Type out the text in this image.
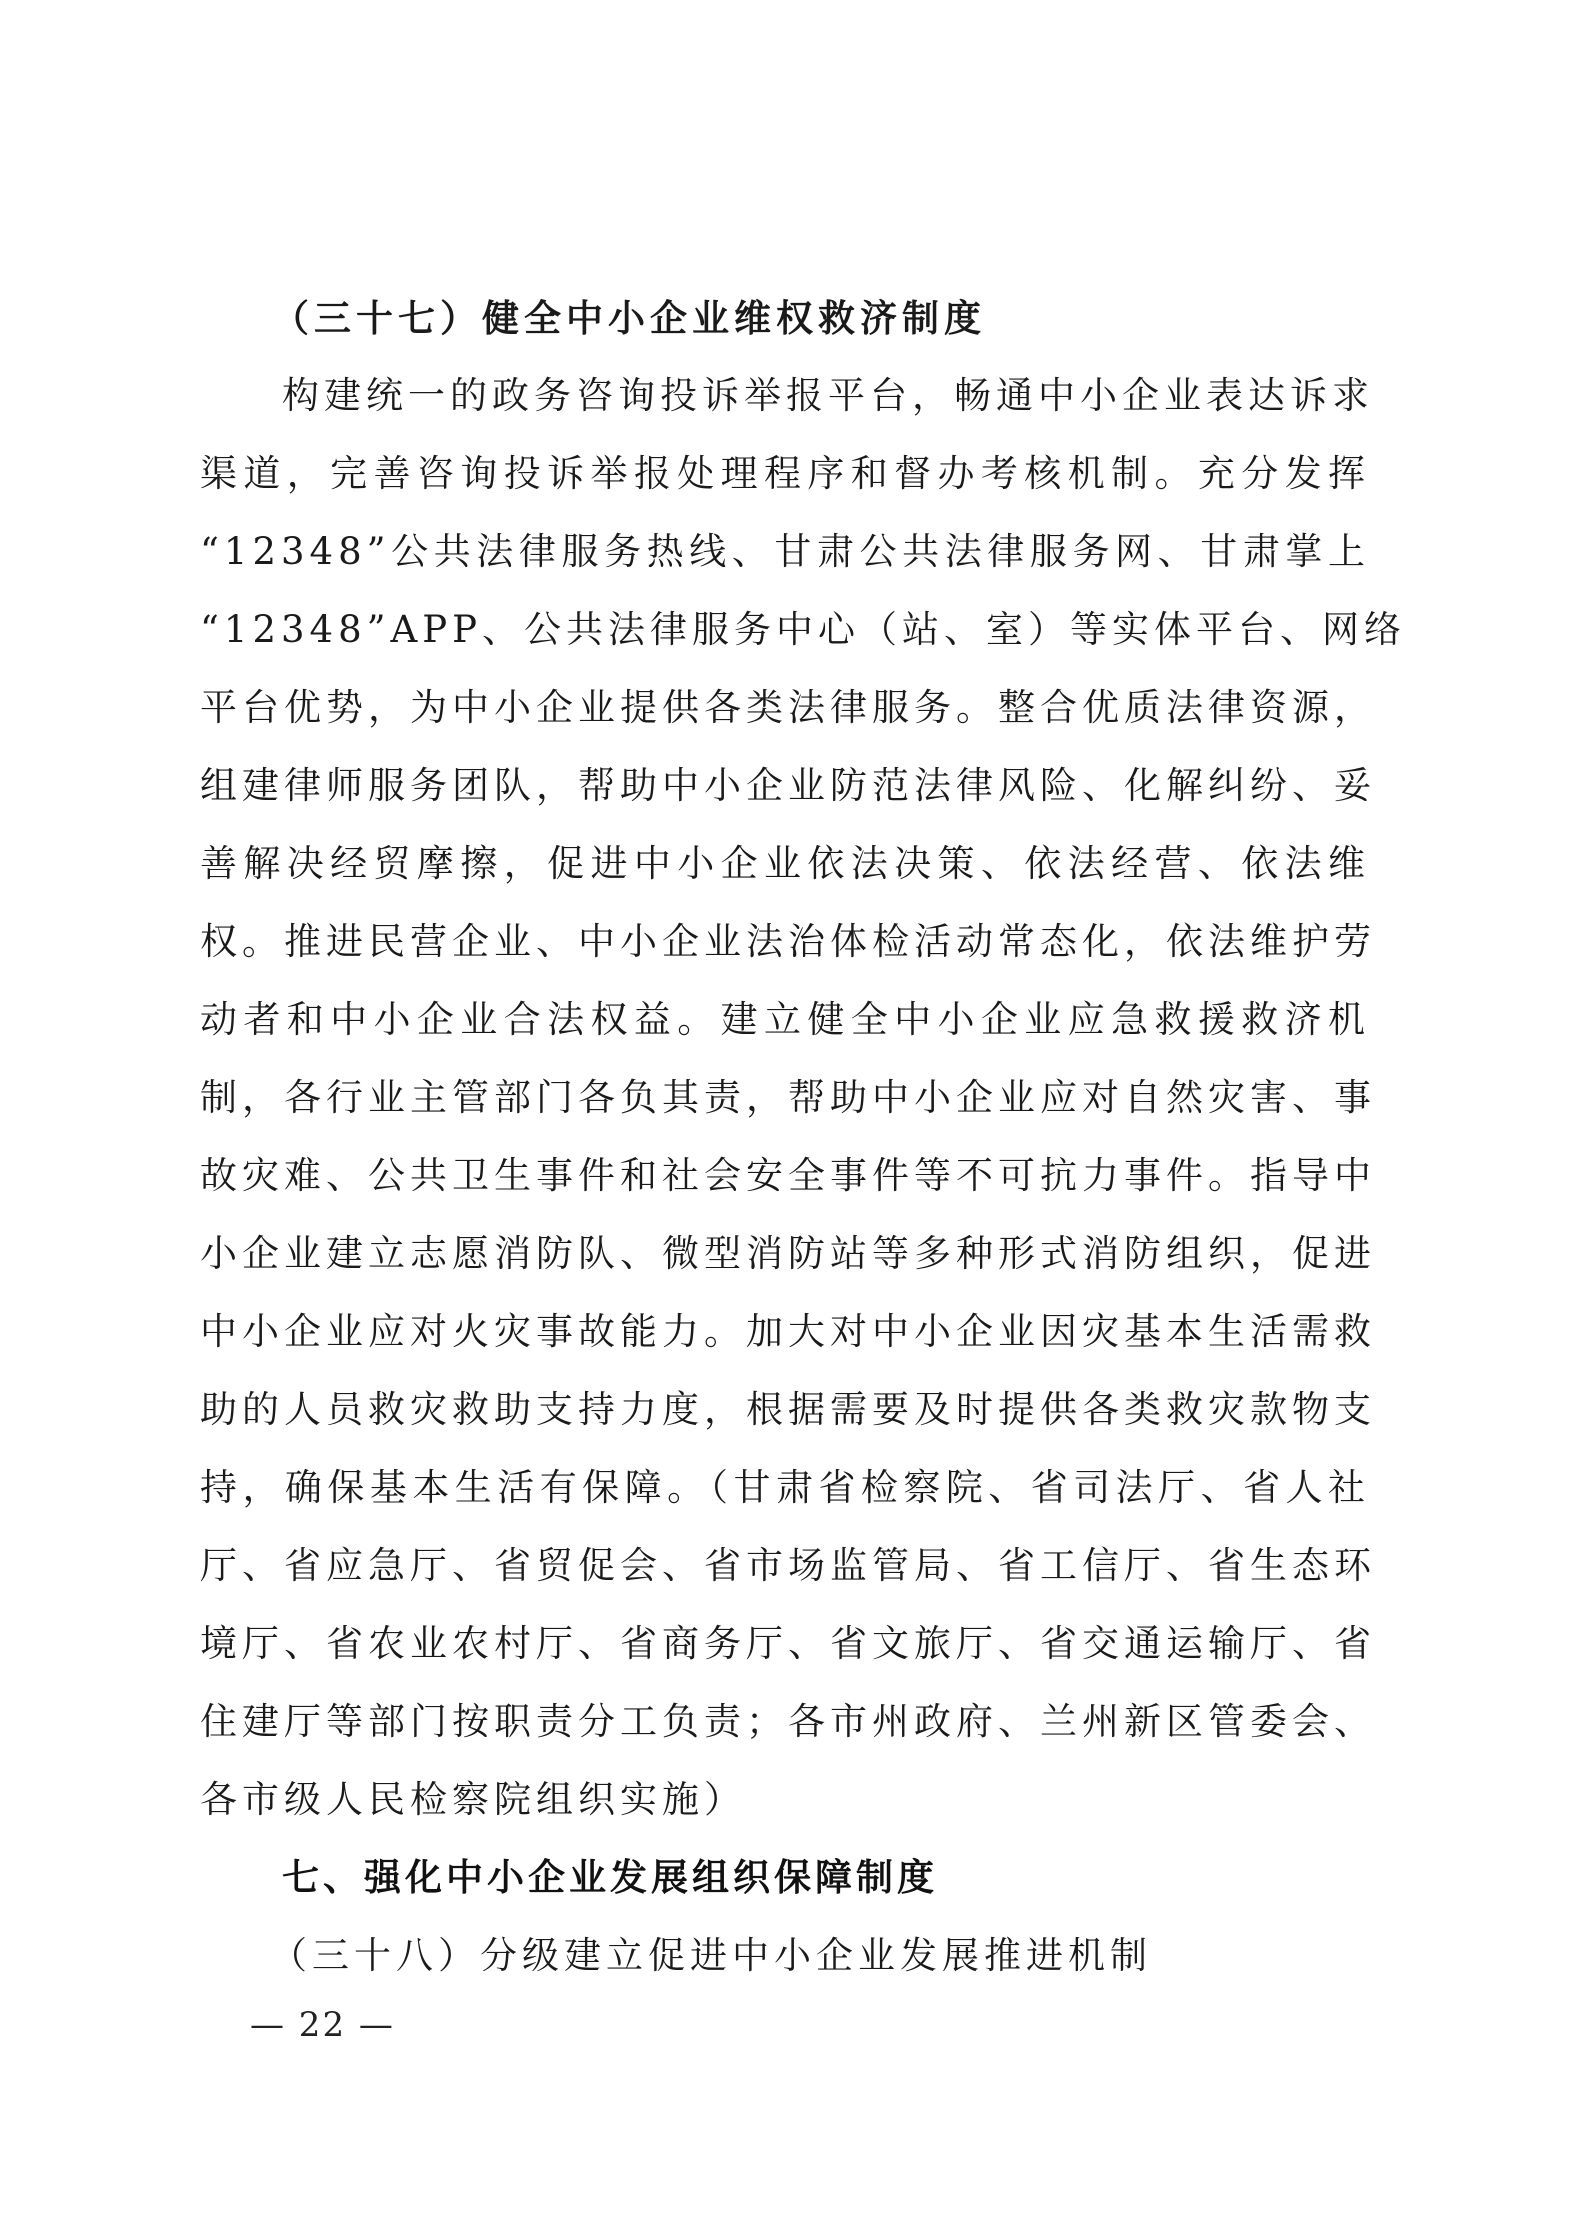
（三十七）健全中小企业维权救济制度
构建统一的政务咨询投诉举报平台，畅通中小企业表达诉求
渠道，完善咨询投诉举报处理程序和督办考核机制。充分发挥
“12348”公共法律服务热线、甘肃公共法律服务网、甘肃掌上
“12348”APP、公共法律服务中心（站、室）等实体平台、网络
平台优势，为中小企业提供各类法律服务。整合优质法律资源，
组建律师服务团队，帮助中小企业防范法律风险、化解纠纷、妥
善解决经贸摩擦，促进中小企业依法决策、依法经营、依法维
权。推进民营企业、中小企业法治体检活动常态化，依法维护劳
动者和中小企业合法权益。建立健全中小企业应急救援救济机
制，各行业主管部门各负其责，帮助中小企业应对自然灾害、事
故灾难、公共卫生事件和社会安全事件等不可抗力事件。指导中
小企业建立志愿消防队、微型消防站等多种形式消防组织，促进
中小企业应对火灾事故能力。加大对中小企业因灾基本生活需救
助的人员救灾救助支持力度，根据需要及时提供各类救灾款物支
持，确保基本生活有保障。（甘肃省检察院、省司法厅、省人社
厅、省应急厅、省贸促会、省市场监管局、省工信厅、省生态环
境厅、省农业农村厅、省商务厅、省文旅厅、省交通运输厅、省
住建厅等部门按职责分工负责；各市州政府、兰州新区管委会、
各市级人民检察院组织实施）
七、强化中小企业发展组织保障制度
（三十八）分级建立促进中小企业发展推进机制
— 22 —
